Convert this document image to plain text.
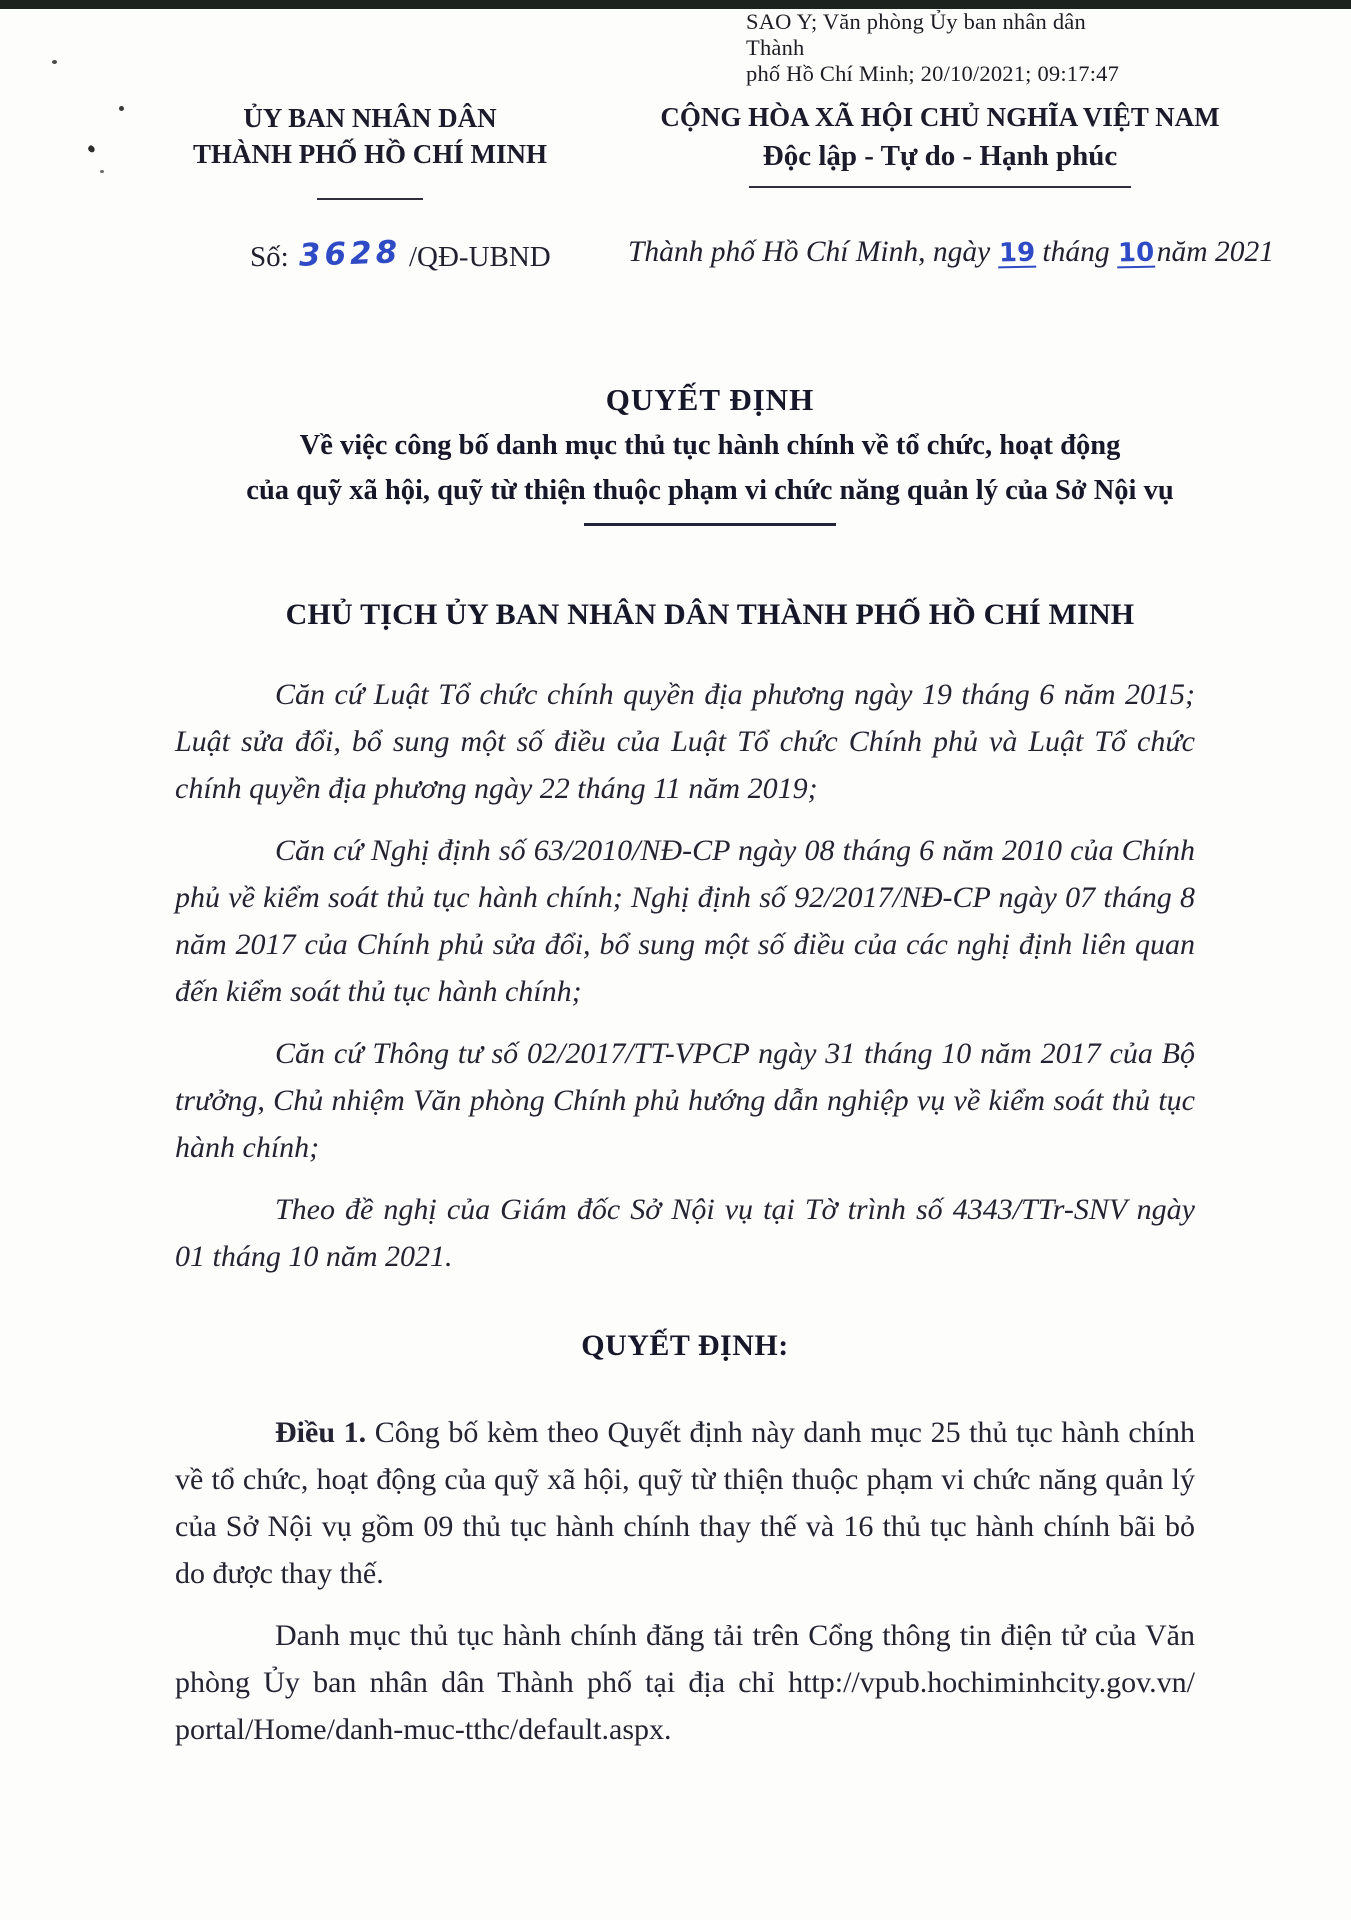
SAO Y; Văn phòng Ủy ban nhân dân Thành
phố Hồ Chí Minh; 20/10/2021; 09:17:47
ỦY BAN NHÂN DÂN
THÀNH PHỐ HỒ CHÍ MINH
CỘNG HÒA XÃ HỘI CHỦ NGHĨA VIỆT NAM
Độc lập - Tự do - Hạnh phúc
Số: 3628 /QĐ-UBND	Thành phố Hồ Chí Minh, ngày 19 tháng 10năm 2021
QUYẾT ĐỊNH
Về việc công bố danh mục thủ tục hành chính về tổ chức, hoạt động
của quỹ xã hội, quỹ từ thiện thuộc phạm vi chức năng quản lý của Sở Nội vụ
CHỦ TỊCH ỦY BAN NHÂN DÂN THÀNH PHỐ HỒ CHÍ MINH

Căn cứ Luật Tổ chức chính quyền địa phương ngày 19 tháng 6 năm 2015; Luật sửa đổi, bổ sung một số điều của Luật Tổ chức Chính phủ và Luật Tổ chức chính quyền địa phương ngày 22 tháng 11 năm 2019;

Căn cứ Nghị định số 63/2010/NĐ-CP ngày 08 tháng 6 năm 2010 của Chính phủ về kiểm soát thủ tục hành chính; Nghị định số 92/2017/NĐ-CP ngày 07 tháng 8 năm 2017 của Chính phủ sửa đổi, bổ sung một số điều của các nghị định liên quan đến kiểm soát thủ tục hành chính;

Căn cứ Thông tư số 02/2017/TT-VPCP ngày 31 tháng 10 năm 2017 của Bộ trưởng, Chủ nhiệm Văn phòng Chính phủ hướng dẫn nghiệp vụ về kiểm soát thủ tục hành chính;

Theo đề nghị của Giám đốc Sở Nội vụ tại Tờ trình số 4343/TTr-SNV ngày 01 tháng 10 năm 2021.

QUYẾT ĐỊNH:

Điều 1. Công bố kèm theo Quyết định này danh mục 25 thủ tục hành chính về tổ chức, hoạt động của quỹ xã hội, quỹ từ thiện thuộc phạm vi chức năng quản lý của Sở Nội vụ gồm 09 thủ tục hành chính thay thế và 16 thủ tục hành chính bãi bỏ do được thay thế.

Danh mục thủ tục hành chính đăng tải trên Cổng thông tin điện tử của Văn phòng Ủy ban nhân dân Thành phố tại địa chỉ http://vpub.hochiminhcity.gov.vn/ portal/Home/danh-muc-tthc/default.aspx.
